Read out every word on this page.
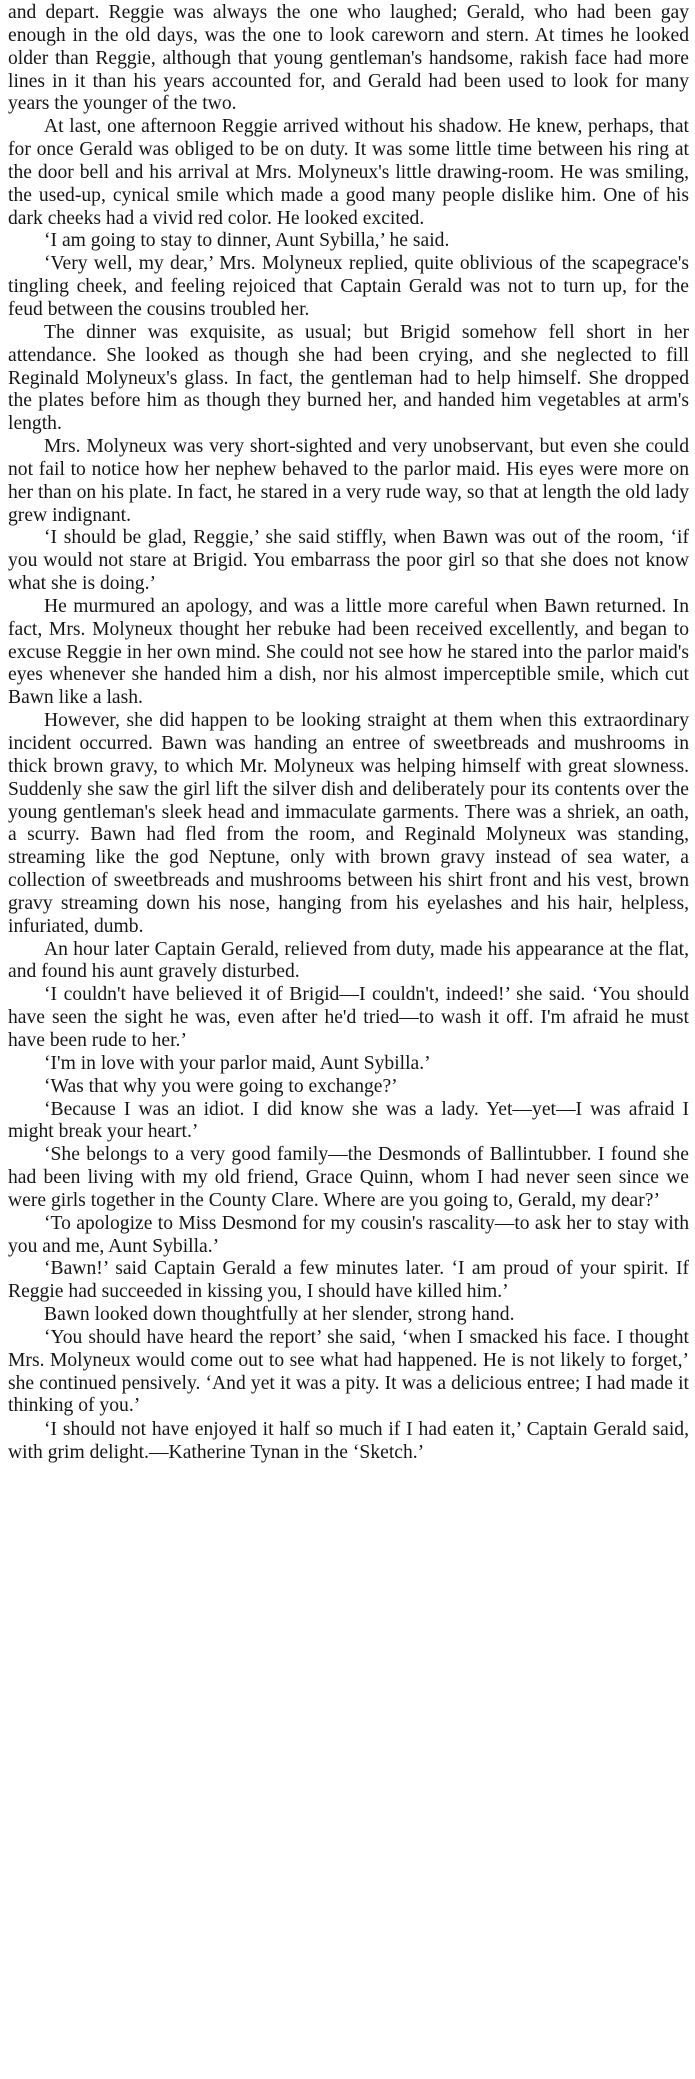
and depart. Reggie was always the one who laughed; Gerald, who had been gay enough in the old days, was the one to look careworn and stern. At times he looked older than Reggie, although that young gentleman's handsome, rakish face had more lines in it than his years accounted for, and Gerald had been used to look for many years the younger of the two.

At last, one afternoon Reggie arrived without his shadow. He knew, perhaps, that for once Gerald was obliged to be on duty. It was some little time between his ring at the door bell and his arrival at Mrs. Molyneux's little drawing-room. He was smiling, the used-up, cynical smile which made a good many people dislike him. One of his dark cheeks had a vivid red color. He looked excited.

‘I am going to stay to dinner, Aunt Sybilla,’ he said.

‘Very well, my dear,’ Mrs. Molyneux replied, quite oblivious of the scapegrace's tingling cheek, and feeling rejoiced that Captain Gerald was not to turn up, for the feud between the cousins troubled her.

The dinner was exquisite, as usual; but Brigid somehow fell short in her attendance. She looked as though she had been crying, and she neglected to fill Reginald Molyneux's glass. In fact, the gentleman had to help himself. She dropped the plates before him as though they burned her, and handed him vegetables at arm's length.

Mrs. Molyneux was very short-sighted and very unobservant, but even she could not fail to notice how her nephew behaved to the parlor maid. His eyes were more on her than on his plate. In fact, he stared in a very rude way, so that at length the old lady grew indignant.

‘I should be glad, Reggie,’ she said stiffly, when Bawn was out of the room, ‘if you would not stare at Brigid. You embarrass the poor girl so that she does not know what she is doing.’

He murmured an apology, and was a little more careful when Bawn returned. In fact, Mrs. Molyneux thought her rebuke had been received excellently, and began to excuse Reggie in her own mind. She could not see how he stared into the parlor maid's eyes whenever she handed him a dish, nor his almost imperceptible smile, which cut Bawn like a lash.

However, she did happen to be looking straight at them when this extraordinary incident occurred. Bawn was handing an entree of sweetbreads and mushrooms in thick brown gravy, to which Mr. Molyneux was helping himself with great slowness. Suddenly she saw the girl lift the silver dish and deliberately pour its contents over the young gentleman's sleek head and immaculate garments. There was a shriek, an oath, a scurry. Bawn had fled from the room, and Reginald Molyneux was standing, streaming like the god Neptune, only with brown gravy instead of sea water, a collection of sweetbreads and mushrooms between his shirt front and his vest, brown gravy streaming down his nose, hanging from his eyelashes and his hair, helpless, infuriated, dumb.

An hour later Captain Gerald, relieved from duty, made his appearance at the flat, and found his aunt gravely disturbed.

‘I couldn't have believed it of Brigid—I couldn't, indeed!’ she said. ‘You should have seen the sight he was, even after he'd tried—to wash it off. I'm afraid he must have been rude to her.’

‘I'm in love with your parlor maid, Aunt Sybilla.’

‘Was that why you were going to exchange?’

‘Because I was an idiot. I did know she was a lady. Yet—yet—I was afraid I might break your heart.’

‘She belongs to a very good family—the Desmonds of Ballintubber. I found she had been living with my old friend, Grace Quinn, whom I had never seen since we were girls together in the County Clare. Where are you going to, Gerald, my dear?’

‘To apologize to Miss Desmond for my cousin's rascality—to ask her to stay with you and me, Aunt Sybilla.’

‘Bawn!’ said Captain Gerald a few minutes later. ‘I am proud of your spirit. If Reggie had succeeded in kissing you, I should have killed him.’

Bawn looked down thoughtfully at her slender, strong hand.

‘You should have heard the report’ she said, ‘when I smacked his face. I thought Mrs. Molyneux would come out to see what had happened. He is not likely to forget,’ she continued pensively. ‘And yet it was a pity. It was a delicious entree; I had made it thinking of you.’

‘I should not have enjoyed it half so much if I had eaten it,’ Captain Gerald said, with grim delight.—Katherine Tynan in the ‘Sketch.’
